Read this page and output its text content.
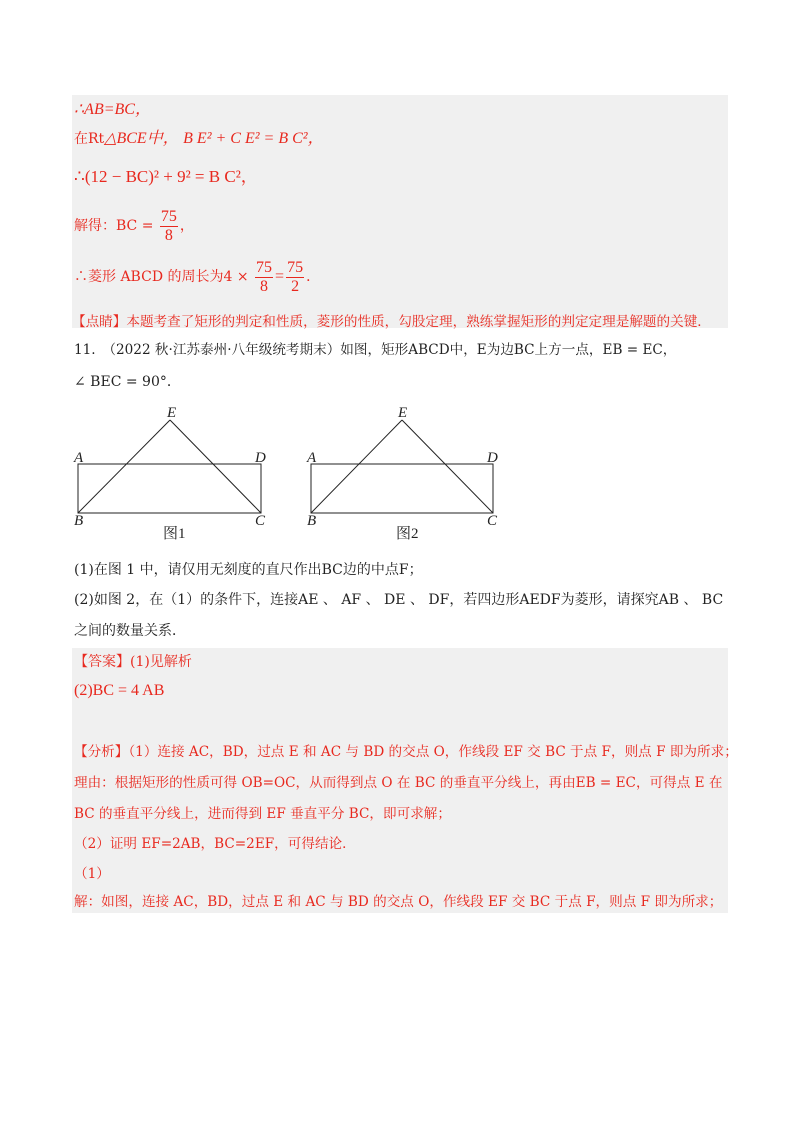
∴AB=BC，
在Rt△BCE中， B E² + C E² = B C²，
∴(12 − BC)² + 9² = B C²，
解得：BC = $\frac{75}{8}$ ，
∴菱形 ABCD 的周长为$4 \times \frac{75}{8} = \frac{75}{2}$ ．
【点睛】本题考查了矩形的判定和性质，菱形的性质，勾股定理，熟练掌握矩形的判定定理是解题的关键．
11.　（2022 秋·江苏泰州·八年级统考期末）如图，矩形ABCD中，E为边BC上方一点，EB = EC，
∠ BEC = 90°．
E
A	D
B	C
图1
E
A	D
B	C
图2
(1)在图 1 中，请仅用无刻度的直尺作出BC边的中点F；
(2)如图 2，在（1）的条件下，连接AE 、 AF 、 DE 、 DF，若四边形AEDF为菱形，请探究AB 、 BC
之间的数量关系．
【答案】(1)见解析
(2)BC = 4 AB
【分析】（1）连接 AC，BD，过点 E 和 AC 与 BD 的交点 O，作线段 EF 交 BC 于点 F，则点 F 即为所求；
理由：根据矩形的性质可得 OB=OC，从而得到点 O 在 BC 的垂直平分线上，再由EB = EC，可得点 E 在
BC 的垂直平分线上，进而得到 EF 垂直平分 BC，即可求解；
（2）证明 EF=2AB，BC=2EF，可得结论．
（1）
解：如图，连接 AC，BD，过点 E 和 AC 与 BD 的交点 O，作线段 EF 交 BC 于点 F，则点 F 即为所求；
